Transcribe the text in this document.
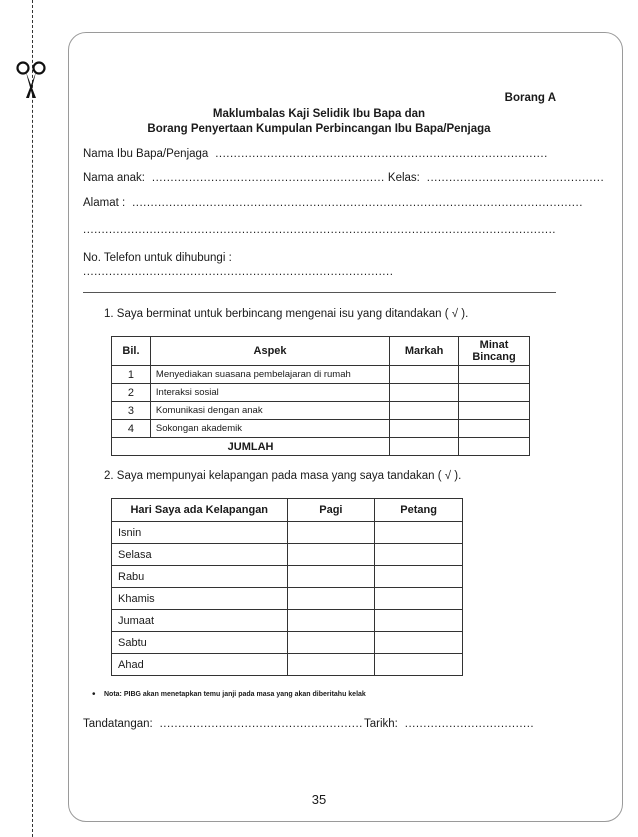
Borang A
Maklumbalas Kaji Selidik Ibu Bapa dan
Borang Penyertaan Kumpulan Perbincangan Ibu Bapa/Penjaga
Nama Ibu Bapa/Penjaga  ..........................................................................................
Nama anak:  ............................................................... Kelas:  ................................................
Alamat :  ..........................................................................................................................
................................................................................................................................
No. Telefon untuk dihubungi :
....................................................................................
1. Saya berminat untuk berbincang mengenai isu yang ditandakan ( √ ).
Bil.	Aspek	Markah	Minat
Bincang
1	Menyediakan suasana pembelajaran di rumah		
2	Interaksi sosial		
3	Komunikasi dengan anak		
4	Sokongan akademik		
JUMLAH			
2. Saya mempunyai kelapangan pada masa yang saya tandakan ( √ ).
Hari Saya ada Kelapangan	Pagi	Petang
Isnin		
Selasa		
Rabu		
Khamis		
Jumaat		
Sabtu		
Ahad		
• Nota: PIBG akan menetapkan temu janji pada masa yang akan diberitahu kelak
Tandatangan:  ....................................................... Tarikh:  ...................................
35
